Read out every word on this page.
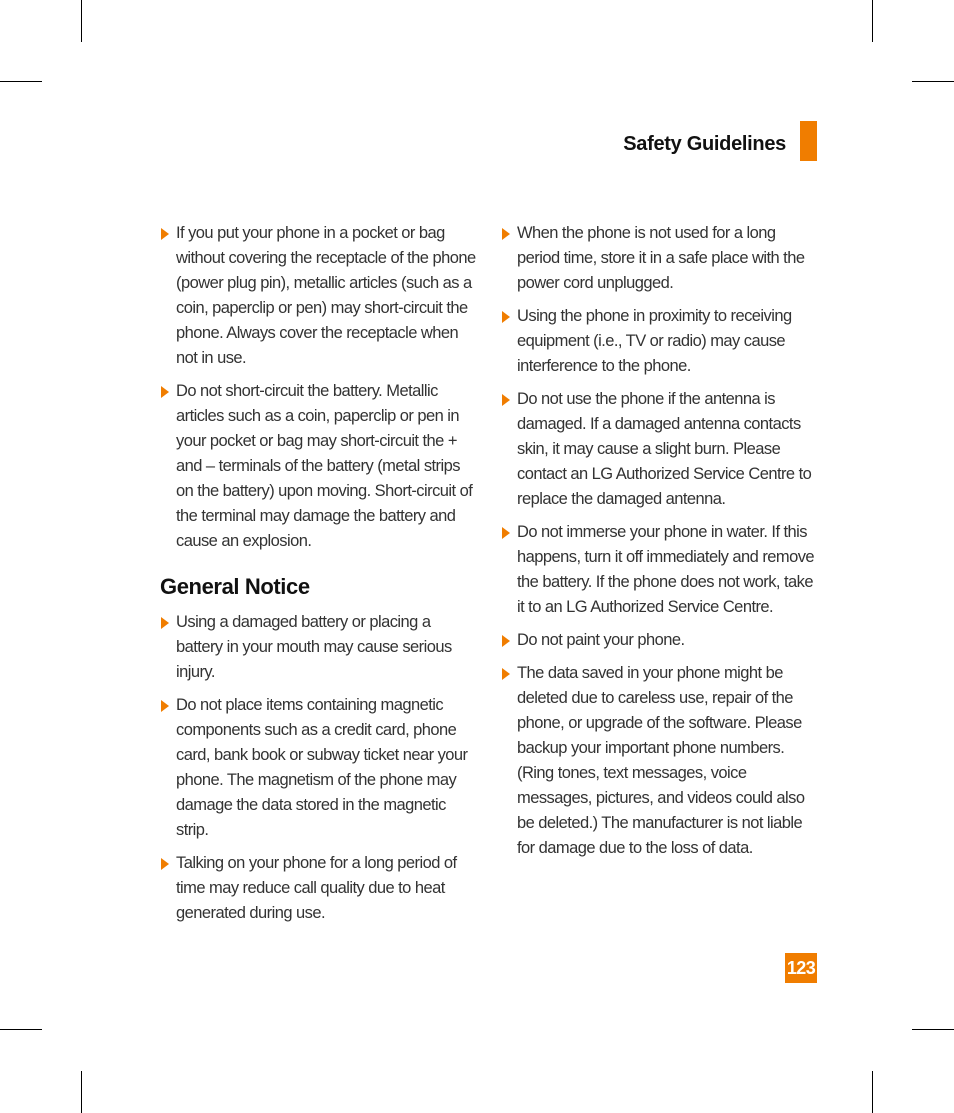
Safety Guidelines
If you put your phone in a pocket or bag without covering the receptacle of the phone (power plug pin), metallic articles (such as a coin, paperclip or pen) may short-circuit the phone. Always cover the receptacle when not in use.
Do not short-circuit the battery. Metallic articles such as a coin, paperclip or pen in your pocket or bag may short-circuit the + and – terminals of the battery (metal strips on the battery) upon moving. Short-circuit of the terminal may damage the battery and cause an explosion.
General Notice
Using a damaged battery or placing a battery in your mouth may cause serious injury.
Do not place items containing magnetic components such as a credit card, phone card, bank book or subway ticket near your phone. The magnetism of the phone may damage the data stored in the magnetic strip.
Talking on your phone for a long period of time may reduce call quality due to heat generated during use.
When the phone is not used for a long period time, store it in a safe place with the power cord unplugged.
Using the phone in proximity to receiving equipment (i.e., TV or radio) may cause interference to the phone.
Do not use the phone if the antenna is damaged. If a damaged antenna contacts skin, it may cause a slight burn. Please contact an LG Authorized Service Centre to replace the damaged antenna.
Do not immerse your phone in water. If this happens, turn it off immediately and remove the battery. If the phone does not work, take it to an LG Authorized Service Centre.
Do not paint your phone.
The data saved in your phone might be deleted due to careless use, repair of the phone, or upgrade of the software. Please backup your important phone numbers. (Ring tones, text messages, voice messages, pictures, and videos could also be deleted.) The manufacturer is not liable for damage due to the loss of data.
123
